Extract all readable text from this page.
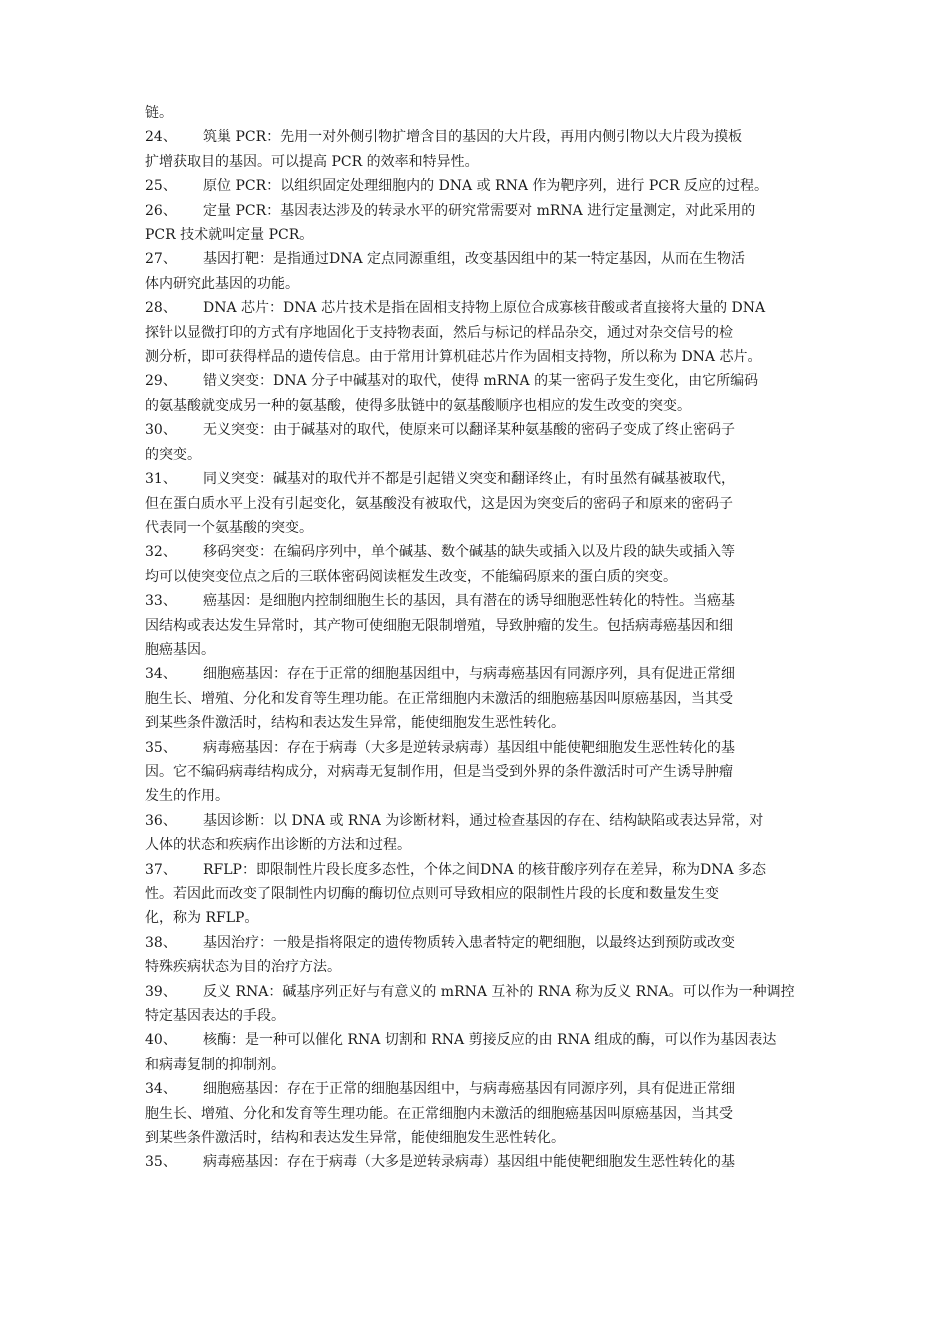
链。
24、 筑巢 PCR：先用一对外侧引物扩增含目的基因的大片段，再用内侧引物以大片段为摸板
扩增获取目的基因。可以提高 PCR 的效率和特异性。
25、 原位 PCR：以组织固定处理细胞内的 DNA 或 RNA 作为靶序列，进行 PCR 反应的过程。
26、 定量 PCR：基因表达涉及的转录水平的研究常需要对 mRNA 进行定量测定，对此采用的
PCR 技术就叫定量 PCR。
27、 基因打靶：是指通过DNA 定点同源重组，改变基因组中的某一特定基因，从而在生物活
体内研究此基因的功能。
28、 DNA 芯片：DNA 芯片技术是指在固相支持物上原位合成寡核苷酸或者直接将大量的 DNA
探针以显微打印的方式有序地固化于支持物表面，然后与标记的样品杂交，通过对杂交信号的检
测分析，即可获得样品的遗传信息。由于常用计算机硅芯片作为固相支持物，所以称为 DNA 芯片。
29、 错义突变：DNA 分子中碱基对的取代，使得 mRNA 的某一密码子发生变化，由它所编码
的氨基酸就变成另一种的氨基酸，使得多肽链中的氨基酸顺序也相应的发生改变的突变。
30、 无义突变：由于碱基对的取代，使原来可以翻译某种氨基酸的密码子变成了终止密码子
的突变。
31、 同义突变：碱基对的取代并不都是引起错义突变和翻译终止，有时虽然有碱基被取代，
但在蛋白质水平上没有引起变化，氨基酸没有被取代，这是因为突变后的密码子和原来的密码子
代表同一个氨基酸的突变。
32、 移码突变：在编码序列中，单个碱基、数个碱基的缺失或插入以及片段的缺失或插入等
均可以使突变位点之后的三联体密码阅读框发生改变，不能编码原来的蛋白质的突变。
33、 癌基因：是细胞内控制细胞生长的基因，具有潜在的诱导细胞恶性转化的特性。当癌基
因结构或表达发生异常时，其产物可使细胞无限制增殖，导致肿瘤的发生。包括病毒癌基因和细
胞癌基因。
34、 细胞癌基因：存在于正常的细胞基因组中，与病毒癌基因有同源序列，具有促进正常细
胞生长、增殖、分化和发育等生理功能。在正常细胞内未激活的细胞癌基因叫原癌基因，当其受
到某些条件激活时，结构和表达发生异常，能使细胞发生恶性转化。
35、 病毒癌基因：存在于病毒（大多是逆转录病毒）基因组中能使靶细胞发生恶性转化的基
因。它不编码病毒结构成分，对病毒无复制作用，但是当受到外界的条件激活时可产生诱导肿瘤
发生的作用。
36、 基因诊断：以 DNA 或 RNA 为诊断材料，通过检查基因的存在、结构缺陷或表达异常，对
人体的状态和疾病作出诊断的方法和过程。
37、 RFLP：即限制性片段长度多态性，个体之间DNA 的核苷酸序列存在差异，称为DNA 多态
性。若因此而改变了限制性内切酶的酶切位点则可导致相应的限制性片段的长度和数量发生变
化，称为 RFLP。
38、 基因治疗：一般是指将限定的遗传物质转入患者特定的靶细胞，以最终达到预防或改变
特殊疾病状态为目的治疗方法。
39、 反义 RNA：碱基序列正好与有意义的 mRNA 互补的 RNA 称为反义 RNA。可以作为一种调控
特定基因表达的手段。
40、 核酶：是一种可以催化 RNA 切割和 RNA 剪接反应的由 RNA 组成的酶，可以作为基因表达
和病毒复制的抑制剂。
34、 细胞癌基因：存在于正常的细胞基因组中，与病毒癌基因有同源序列，具有促进正常细
胞生长、增殖、分化和发育等生理功能。在正常细胞内未激活的细胞癌基因叫原癌基因，当其受
到某些条件激活时，结构和表达发生异常，能使细胞发生恶性转化。
35、 病毒癌基因：存在于病毒（大多是逆转录病毒）基因组中能使靶细胞发生恶性转化的基
